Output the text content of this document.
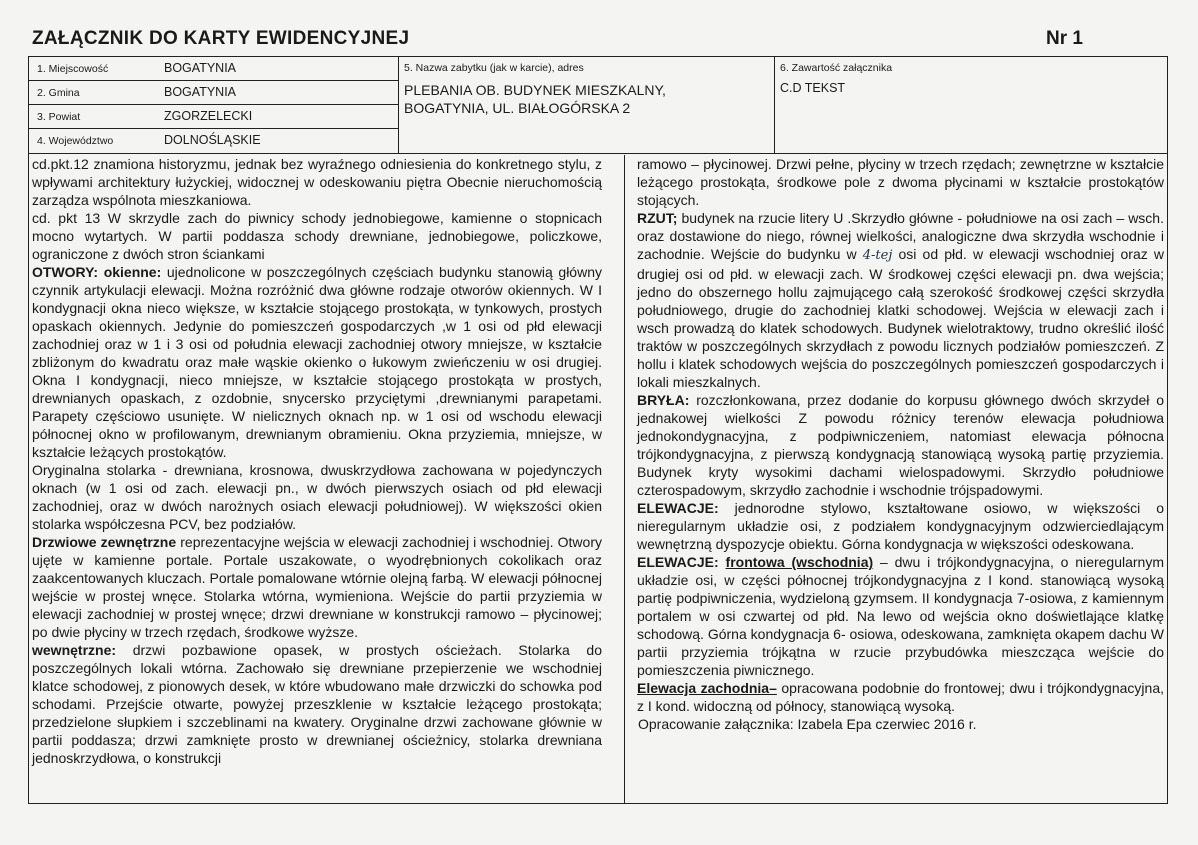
ZAŁĄCZNIK DO KARTY EWIDENCYJNEJ	Nr 1
1. Miejscowość	BOGATYNIA
2. Gmina	BOGATYNIA
3. Powiat	ZGORZELECKI
4. Województwo	DOLNOŚLĄSKIE
5. Nazwa zabytku (jak w karcie), adres
PLEBANIA OB. BUDYNEK MIESZKALNY,
BOGATYNIA, UL. BIAŁOGÓRSKA 2
6. Zawartość załącznika
C.D TEKST

cd.pkt.12 znamiona historyzmu, jednak bez wyraźnego odniesienia do konkretnego stylu, z wpływami architektury łużyckiej, widocznej w odeskowaniu piętra Obecnie nieruchomością zarządza wspólnota mieszkaniowa.

cd. pkt 13 W skrzydle zach do piwnicy schody jednobiegowe, kamienne o stopnicach mocno wytartych. W partii poddasza schody drewniane, jednobiegowe, policzkowe, ograniczone z dwóch stron ściankami

OTWORY: okienne: ujednolicone w poszczególnych częściach budynku stanowią główny czynnik artykulacji elewacji. Można rozróżnić dwa główne rodzaje otworów okiennych. W I kondygnacji okna nieco większe, w kształcie stojącego prostokąta, w tynkowych, prostych opaskach okiennych. Jedynie do pomieszczeń gospodarczych ,w 1 osi od płd elewacji zachodniej oraz w 1 i 3 osi od południa elewacji zachodniej otwory mniejsze, w kształcie zbliżonym do kwadratu oraz małe wąskie okienko o łukowym zwieńczeniu w osi drugiej. Okna I kondygnacji, nieco mniejsze, w kształcie stojącego prostokąta w prostych, drewnianych opaskach, z ozdobnie, snycersko przyciętymi ,drewnianymi parapetami. Parapety częściowo usunięte. W nielicznych oknach np. w 1 osi od wschodu elewacji północnej okno w profilowanym, drewnianym obramieniu. Okna przyziemia, mniejsze, w kształcie leżących prostokątów.

Oryginalna stolarka - drewniana, krosnowa, dwuskrzydłowa zachowana w pojedynczych oknach (w 1 osi od zach. elewacji pn., w dwóch pierwszych osiach od płd elewacji zachodniej, oraz w dwóch narożnych osiach elewacji południowej). W większości okien stolarka współczesna PCV, bez podziałów.

Drzwiowe zewnętrzne reprezentacyjne wejścia w elewacji zachodniej i wschodniej. Otwory ujęte w kamienne portale. Portale uszakowate, o wyodrębnionych cokolikach oraz zaakcentowanych kluczach. Portale pomalowane wtórnie olejną farbą. W elewacji północnej wejście w prostej wnęce. Stolarka wtórna, wymieniona. Wejście do partii przyziemia w elewacji zachodniej w prostej wnęce; drzwi drewniane w konstrukcji ramowo – płycinowej; po dwie płyciny w trzech rzędach, środkowe wyższe.

wewnętrzne: drzwi pozbawione opasek, w prostych ościeżach. Stolarka do poszczególnych lokali wtórna. Zachowało się drewniane przepierzenie we wschodniej klatce schodowej, z pionowych desek, w które wbudowano małe drzwiczki do schowka pod schodami. Przejście otwarte, powyżej przeszklenie w kształcie leżącego prostokąta; przedzielone słupkiem i szczeblinami na kwatery. Oryginalne drzwi zachowane głównie w partii poddasza; drzwi zamknięte prosto w drewnianej ościeżnicy, stolarka drewniana jednoskrzydłowa, o konstrukcji

ramowo – płycinowej. Drzwi pełne, płyciny w trzech rzędach; zewnętrzne w kształcie leżącego prostokąta, środkowe pole z dwoma płycinami w kształcie prostokątów stojących.

RZUT; budynek na rzucie litery U .Skrzydło główne - południowe na osi zach – wsch. oraz dostawione do niego, równej wielkości, analogiczne dwa skrzydła wschodnie i zachodnie. Wejście do budynku w 4-tej osi od płd. w elewacji wschodniej oraz w drugiej osi od płd. w elewacji zach. W środkowej części elewacji pn. dwa wejścia; jedno do obszernego hollu zajmującego całą szerokość środkowej części skrzydła południowego, drugie do zachodniej klatki schodowej. Wejścia w elewacji zach i wsch prowadzą do klatek schodowych. Budynek wielotraktowy, trudno określić ilość traktów w poszczególnych skrzydłach z powodu licznych podziałów pomieszczeń. Z hollu i klatek schodowych wejścia do poszczególnych pomieszczeń gospodarczych i lokali mieszkalnych.

BRYŁA: rozczłonkowana, przez dodanie do korpusu głównego dwóch skrzydeł o jednakowej wielkości Z powodu różnicy terenów elewacja południowa jednokondygnacyjna, z podpiwniczeniem, natomiast elewacja północna trójkondygnacyjna, z pierwszą kondygnacją stanowiącą wysoką partię przyziemia. Budynek kryty wysokimi dachami wielospadowymi. Skrzydło południowe czterospadowym, skrzydło zachodnie i wschodnie trójspadowymi.

ELEWACJE: jednorodne stylowo, kształtowane osiowo, w większości o nieregularnym układzie osi, z podziałem kondygnacyjnym odzwierciedlającym wewnętrzną dyspozycje obiektu. Górna kondygnacja w większości odeskowana.

ELEWACJE: frontowa (wschodnia) – dwu i trójkondygnacyjna, o nieregularnym układzie osi, w części północnej trójkondygnacyjna z I kond. stanowiącą wysoką partię podpiwniczenia, wydzieloną gzymsem. II kondygnacja 7-osiowa, z kamiennym portalem w osi czwartej od płd. Na lewo od wejścia okno doświetlające klatkę schodową. Górna kondygnacja 6- osiowa, odeskowana, zamknięta okapem dachu W partii przyziemia trójkątna w rzucie przybudówka mieszcząca wejście do pomieszczenia piwnicznego.

Elewacja zachodnia– opracowana podobnie do frontowej; dwu i trójkondygnacyjna, z I kond. widoczną od północy, stanowiącą wysoką.

Opracowanie załącznika: Izabela Epa czerwiec 2016 r.
